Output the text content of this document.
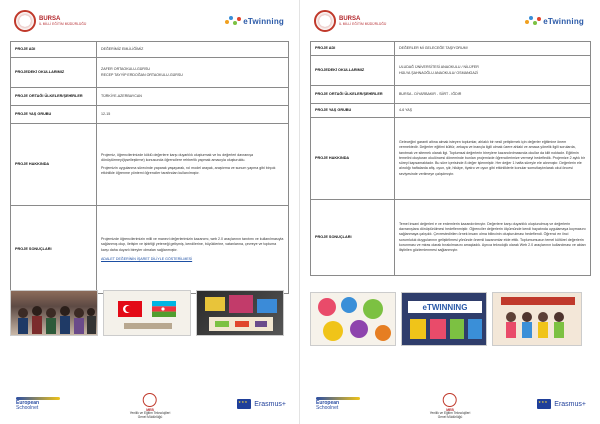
BURSA
İL MİLLİ EĞİTİM MÜDÜRLÜĞÜ	eTwinning
PROJE ADI	DEĞERİMİZ EMLİLİĞİMİZ
PROJEDEKİ OKULLARIMIZ	ZAFER ORTAOKULU-GÜRSU
RECEP TAYYİP ERDOĞAN ORTAOKULU-GÜRSU
PROJE ORTAĞI ÜLKELER/ŞEHİRLER	TÜRKİYE-AZERBAYCAN
PROJE YAŞ GRUBU	12-15
PROJE HAKKINDA	Projemiz, öğrencilerimizde köklü değerlere karşı duyarlılık oluşturmak ve bu değerleri davranışa dönüştürmeyi(içselleştirme) konusunda öğrencilere rehberlik yapmak amacıyla oluşturuldu.
Projemizin uygulanma sürecinde yaparak yaşayarak, rol model arayak, araştırma ve sunum yapma gibi birçok etkinlikle öğrenme yöntemi öğrenciler tarafından kullanılmıştır.

PROJE SONUÇLARI	Projemizde öğrencilerimizin milli ve manevi değerlerimizin kazanımı, web 2.0 araçlarının tanıtımı ve kullanılmasıyla sağlanmış olup, iletişim ve işbirliği yeteneği gelişmiş, kendilerine, büyüklerine, vatanlarına, çevreye ve topluma karşı daha duyarlı bireyler olmaları sağlanmıştır.
ADALET DEĞERİNİN İŞARET DİLİYLE GÖSTERİLMESİ
European
Schoolnet	MEB
Yenilik ve Eğitim Teknolojileri
Genel Müdürlüğü
★★★
Erasmus+
BURSA
İL MİLLİ EĞİTİM MÜDÜRLÜĞÜ	eTwinning
PROJE ADI	DEĞERLER Mİ GELECEĞE TAŞIYORUM!
PROJEDEKİ OKULLARIMIZ	ULUDAĞ ÜNİVERSİTESİ ANAOKULU / NİLÜFER
HÜLYA ŞAHNAOĞLU ANAOKULU/ OSMANGAZİ
PROJE ORTAĞI ÜLKELER/ŞEHİRLER	BURSA - DİYARBAKIR - SİİRT - IĞDIR
PROJE YAŞ GRUBU	4-6 YAŞ
PROJE HAKKINDA	Geleceğini garanti altına almak isteyen toplumlar, ahlaklı bir nesil yetiştirmek için değerler eğitimine önem vermektedir. Değerler eğitimi kültür, zekaya ve inançla ilgili olmak üzere ahlaki ve amaca yönelik ilgili sorularda, tanıtmak ve sitemek olarak ilgi. Toplumsal değerlerin bireylere kazandırılmasında okullar da kilit noktadır. Eğitimin temelini oluşturan okulöncesi döneminde bunları projemizde öğrencilerimize vermeyi hedefledik. Projemize 2 aylık bir süreyi kapsamaktadır. Bu süre içerisinde 8 değer işlenmiştir. Her değer 1 hafta süreyle ele alınmıştır. Değerlerin ele alındığı haftalarda afiş, oyun, şiir, hikâye, tiyatro ve oyun gibi etkinliklerle konular somutlaştırılarak okul öncesi seviyesinde verilmeye çalışılmıştır.
PROJE SONUÇLARI	Temel insani değerleri e ve erdemlerin kazandırılmıştır. Değerlere karşı duyarlılık oluşturulmuş ve değerlerin davranışlara dönüştürülmesi hedeflenmiştir. Öğrenciler değerlerin ölçümünde kendi hayatında uygulamaya koymasını sağlanmaya çalışıldı. Çevrestedirilen örnek insanı olma bilincinin oluşturulması hedeflendi. Öğrenci en iinci sorumluluk duygularının geliştirilmesi yönünde önemli kazanımlar elde ettik. Toplumumuzun temel kültürel değerlerin korunması ve miras olarak bırakılmasını amaçladık. Ayrıca teknolojik olarak Web 2.0 araçlarının kullanılması ve aktarı iliştirilen gözlemlenmesi sağlanmıştır.
eTWINNING
European
Schoolnet	MEB
Yenilik ve Eğitim Teknolojileri
Genel Müdürlüğü
★★★
Erasmus+
